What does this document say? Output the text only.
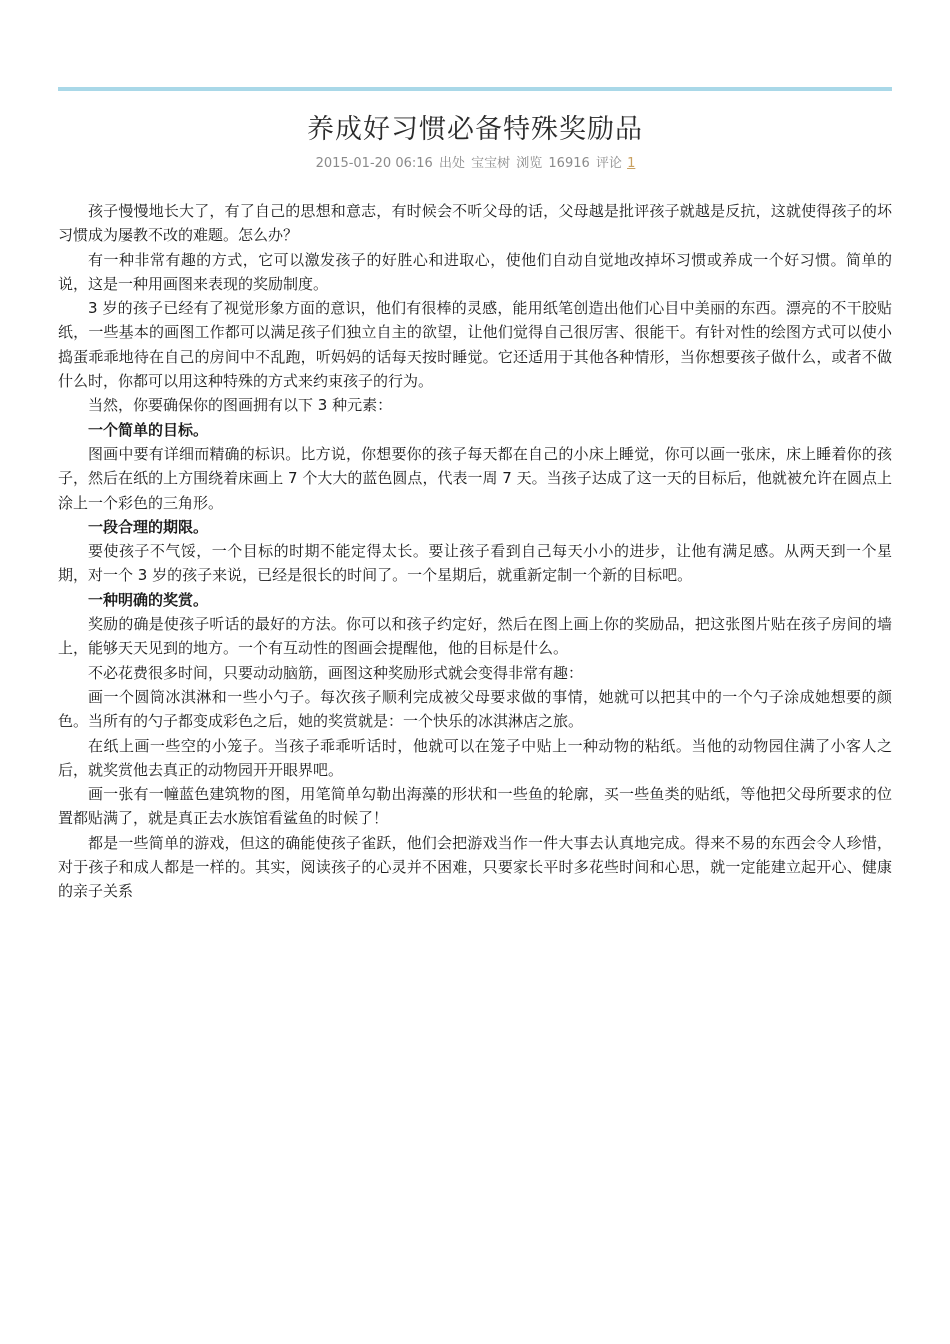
养成好习惯必备特殊奖励品
2015-01-20 06:16 出处 宝宝树 浏览 16916 评论 1

孩子慢慢地长大了，有了自己的思想和意志，有时候会不听父母的话，父母越是批评孩子就越是反抗，这就使得孩子的坏习惯成为屡教不改的难题。怎么办？

有一种非常有趣的方式，它可以激发孩子的好胜心和进取心，使他们自动自觉地改掉坏习惯或养成一个好习惯。简单的说，这是一种用画图来表现的奖励制度。

3 岁的孩子已经有了视觉形象方面的意识，他们有很棒的灵感，能用纸笔创造出他们心目中美丽的东西。漂亮的不干胶贴纸，一些基本的画图工作都可以满足孩子们独立自主的欲望，让他们觉得自己很厉害、很能干。有针对性的绘图方式可以使小捣蛋乖乖地待在自己的房间中不乱跑，听妈妈的话每天按时睡觉。它还适用于其他各种情形，当你想要孩子做什么，或者不做什么时，你都可以用这种特殊的方式来约束孩子的行为。

当然，你要确保你的图画拥有以下 3 种元素：

一个简单的目标。

图画中要有详细而精确的标识。比方说，你想要你的孩子每天都在自己的小床上睡觉，你可以画一张床，床上睡着你的孩子，然后在纸的上方围绕着床画上 7 个大大的蓝色圆点，代表一周 7 天。当孩子达成了这一天的目标后，他就被允许在圆点上涂上一个彩色的三角形。

一段合理的期限。

要使孩子不气馁，一个目标的时期不能定得太长。要让孩子看到自己每天小小的进步，让他有满足感。从两天到一个星期，对一个 3 岁的孩子来说，已经是很长的时间了。一个星期后，就重新定制一个新的目标吧。

一种明确的奖赏。

奖励的确是使孩子听话的最好的方法。你可以和孩子约定好，然后在图上画上你的奖励品，把这张图片贴在孩子房间的墙上，能够天天见到的地方。一个有互动性的图画会提醒他，他的目标是什么。

不必花费很多时间，只要动动脑筋，画图这种奖励形式就会变得非常有趣：

画一个圆筒冰淇淋和一些小勺子。每次孩子顺利完成被父母要求做的事情，她就可以把其中的一个勺子涂成她想要的颜色。当所有的勺子都变成彩色之后，她的奖赏就是：一个快乐的冰淇淋店之旅。

在纸上画一些空的小笼子。当孩子乖乖听话时，他就可以在笼子中贴上一种动物的粘纸。当他的动物园住满了小客人之后，就奖赏他去真正的动物园开开眼界吧。

画一张有一幢蓝色建筑物的图，用笔简单勾勒出海藻的形状和一些鱼的轮廓，买一些鱼类的贴纸，等他把父母所要求的位置都贴满了，就是真正去水族馆看鲨鱼的时候了！

都是一些简单的游戏，但这的确能使孩子雀跃，他们会把游戏当作一件大事去认真地完成。得来不易的东西会令人珍惜，对于孩子和成人都是一样的。其实，阅读孩子的心灵并不困难，只要家长平时多花些时间和心思，就一定能建立起开心、健康的亲子关系
